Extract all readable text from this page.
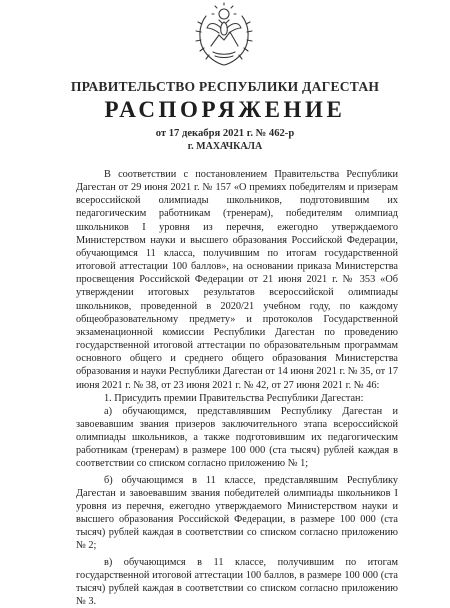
ПРАВИТЕЛЬСТВО РЕСПУБЛИКИ ДАГЕСТАН
РАСПОРЯЖЕНИЕ
от 17 декабря 2021 г. № 462-р
г. МАХАЧКАЛА

В соответствии с постановлением Правительства Республики Дагестан от 29 июня 2021 г. № 157 «О премиях победителям и призерам всероссийской олимпиады школьников, подготовившим их педагогическим работникам (тренерам), победителям олимпиад школьников I уровня из перечня, ежегодно утверждаемого Министерством науки и высшего образования Российской Федерации, обучающимся 11 класса, получившим по итогам государственной итоговой аттестации 100 баллов», на основании приказа Министерства просвещения Российской Федерации от 21 июня 2021 г. № 353 «Об утверждении итоговых результатов всероссийской олимпиады школьников, проведенной в 2020/21 учебном году, по каждому общеобразовательному предмету» и протоколов Государственной экзаменационной комиссии Республики Дагестан по проведению государственной итоговой аттестации по образовательным программам основного общего и среднего общего образования Министерства образования и науки Республики Дагестан от 14 июня 2021 г. № 35, от 17 июня 2021 г. № 38, от 23 июня 2021 г. № 42, от 27 июня 2021 г. № 46:

1. Присудить премии Правительства Республики Дагестан:

а) обучающимся, представлявшим Республику Дагестан и завоевавшим звания призеров заключительного этапа всероссийской олимпиады школьников, а также подготовившим их педагогическим работникам (тренерам) в размере 100 000 (ста тысяч) рублей каждая в соответствии со списком согласно приложению № 1;

б) обучающимся в 11 классе, представлявшим Республику Дагестан и завоевавшим звания победителей олимпиады школьников I уровня из перечня, ежегодно утверждаемого Министерством науки и высшего образования Российской Федерации, в размере 100 000 (ста тысяч) рублей каждая в соответствии со списком согласно приложению № 2;

в) обучающимся в 11 классе, получившим по итогам государственной итоговой аттестации 100 баллов, в размере 100 000 (ста тысяч) рублей каждая в соответствии со списком согласно приложению № 3.
